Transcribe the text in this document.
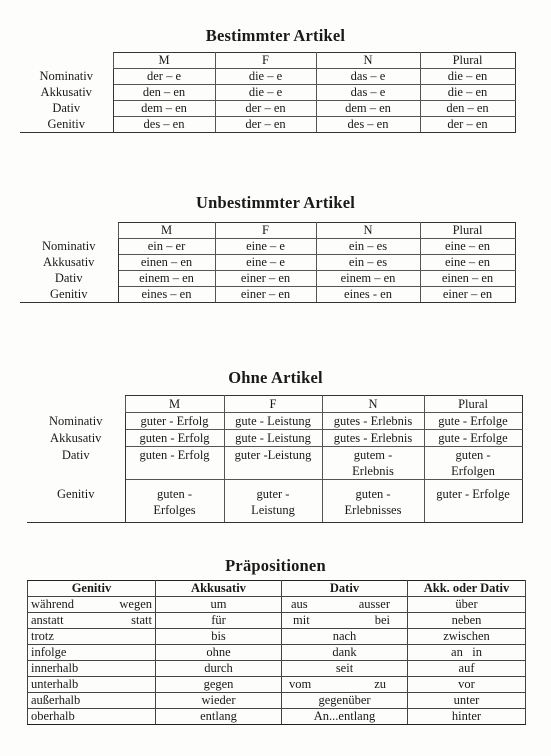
Bestimmter Artikel
	M	F	N	Plural
Nominativ	der – e	die – e	das – e	die – en
Akkusativ	den – en	die – e	das – e	die – en
Dativ	dem – en	der – en	dem – en	den – en
Genitiv	des – en	der – en	des – en	der – en
Unbestimmter Artikel
	M	F	N	Plural
Nominativ	ein – er	eine – e	ein – es	eine – en
Akkusativ	einen – en	eine – e	ein – es	eine – en
Dativ	einem – en	einer – en	einem – en	einen – en
Genitiv	eines – en	einer – en	eines - en	einer – en
Ohne Artikel
	M	F	N	Plural
Nominativ	guter - Erfolg	gute - Leistung	gutes - Erlebnis	gute - Erfolge
Akkusativ	guten - Erfolg	gute - Leistung	gutes - Erlebnis	gute - Erfolge
Dativ	guten - Erfolg	guter -Leistung	gutem - Erlebnis	guten - Erfolgen
Genitiv	guten - Erfolges	guter - Leistung	guten - Erlebnisses	guter - Erfolge
Präpositionen
Genitiv	Akkusativ	Dativ	Akk. oder Dativ

während wegen	um	aus ausser	über

anstatt statt	für	mit bei	neben
trotz	bis	nach	zwischen
infolge	ohne	dank	an   in
innerhalb	durch	seit	auf
unterhalb	gegen	vom zu	vor
außerhalb	wieder	gegenüber	unter
oberhalb	entlang	An...entlang	hinter
